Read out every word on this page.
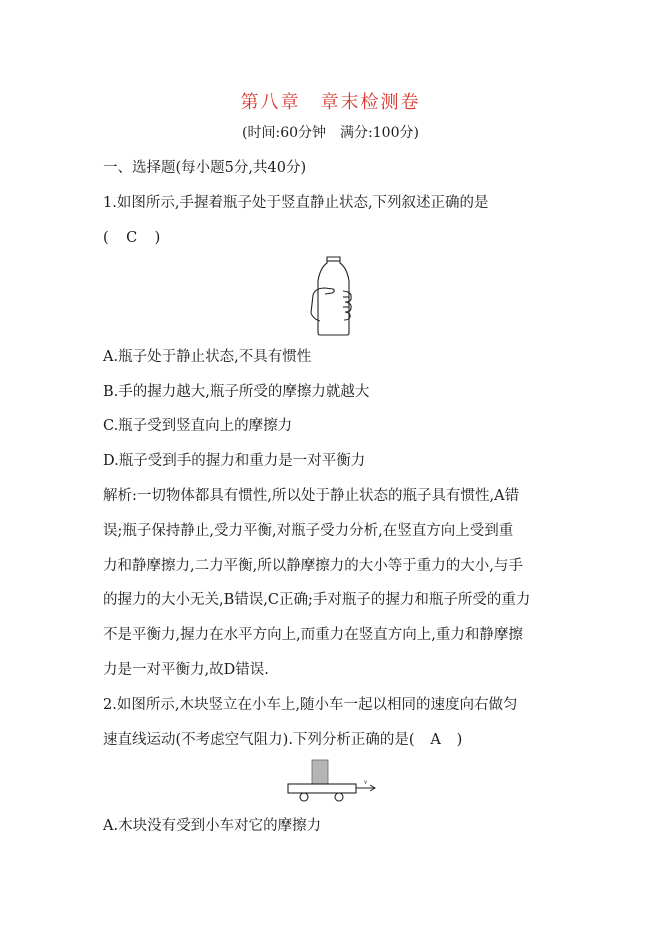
第八章　章末检测卷
(时间:60分钟　满分:100分)
一、选择题(每小题5分,共40分)
1.如图所示,手握着瓶子处于竖直静止状态,下列叙述正确的是
( C )
A.瓶子处于静止状态,不具有惯性
B.手的握力越大,瓶子所受的摩擦力就越大
C.瓶子受到竖直向上的摩擦力
D.瓶子受到手的握力和重力是一对平衡力
解析:一切物体都具有惯性,所以处于静止状态的瓶子具有惯性,A错
误;瓶子保持静止,受力平衡,对瓶子受力分析,在竖直方向上受到重
力和静摩擦力,二力平衡,所以静摩擦力的大小等于重力的大小,与手
的握力的大小无关,B错误,C正确;手对瓶子的握力和瓶子所受的重力
不是平衡力,握力在水平方向上,而重力在竖直方向上,重力和静摩擦
力是一对平衡力,故D错误.
2.如图所示,木块竖立在小车上,随小车一起以相同的速度向右做匀
速直线运动(不考虑空气阻力).下列分析正确的是( A )
v
A.木块没有受到小车对它的摩擦力
